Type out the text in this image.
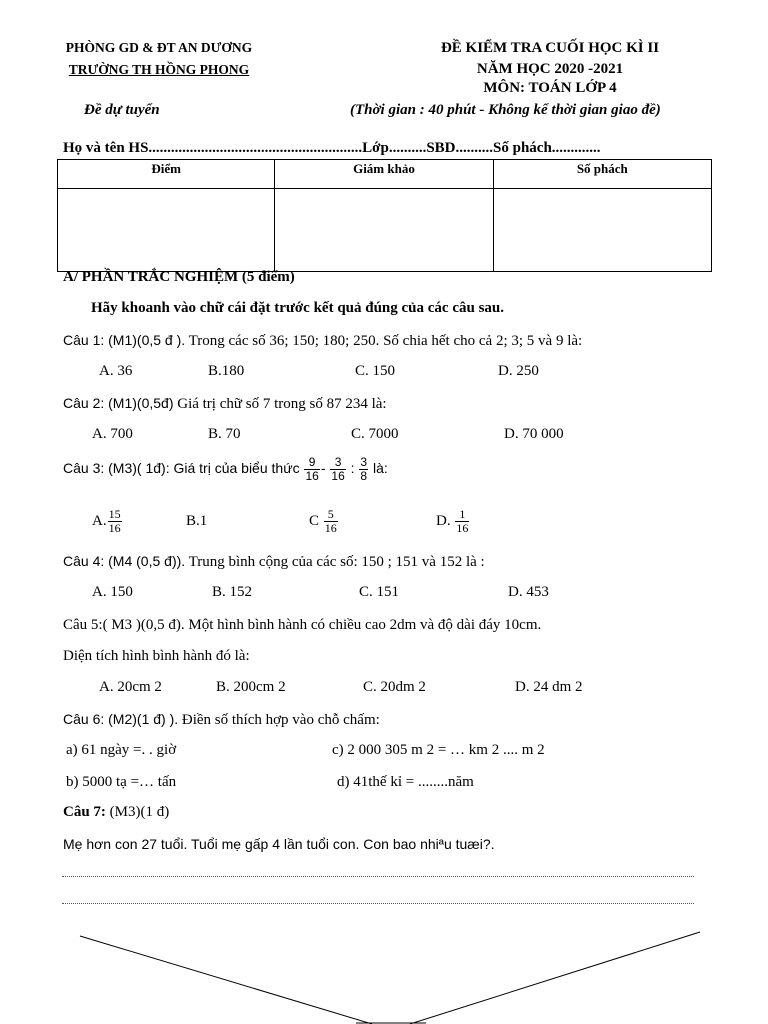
PHÒNG GD & ĐT AN DƯƠNG
TRƯỜNG TH HỒNG PHONG
ĐỀ KIỂM TRA CUỐI HỌC KÌ II
NĂM HỌC 2020 -2021
MÔN: TOÁN LỚP 4
Đề dự tuyển	(Thời gian : 40 phút - Không kể thời gian giao đề)
Họ và tên HS.........................................................Lớp..........SBD..........Số phách.............
Điểm	Giám khảo	Số phách

A/ PHẦN TRẮC NGHIỆM (5 điểm)
Hãy khoanh vào chữ cái đặt trước kết quả đúng của các câu sau.
Câu 1: (M1)(0,5 đ ). Trong các số 36; 150; 180; 250. Số chia hết cho cả 2; 3; 5 và 9 là:
A. 36	B.180	C. 150	D. 250
Câu 2: (M1)(0,5đ) Giá trị chữ số 7 trong số 87 234 là:
A. 700	B. 70	C. 7000	D. 70 000
Câu 3: (M3)( 1đ): Giá trị của biểu thức $\frac{9}{16} - \frac{3}{16}$ : $\frac{3}{8}$ là:
A. $\frac{15}{16}$	B.1	C $\frac{5}{16}$	D. $\frac{1}{16}$
Câu 4: (M4 (0,5 đ)). Trung bình cộng của các số: 150 ; 151 và 152 là :
A. 150	B. 152	C. 151	D. 453
Câu 5:( M3 )(0,5 đ). Một hình bình hành có chiều cao 2dm và độ dài đáy 10cm.
Diện tích hình bình hành đó là:
A. 20cm 2	B. 200cm 2	C. 20dm 2	D. 24 dm 2
Câu 6: (M2)(1 đ) ). Điền số thích hợp vào chỗ chấm:
a) 61 ngày =. . giờ	c) 2 000 305 m 2 = … km 2 .... m 2
b) 5000 tạ =… tấn	d) 41thế kỉ = ........năm
Câu 7: (M3)(1 đ)
Mẹ hơn con 27 tuổi. Tuổi mẹ gấp 4 lần tuổi con. Con bao nhiªu tuæi?.
